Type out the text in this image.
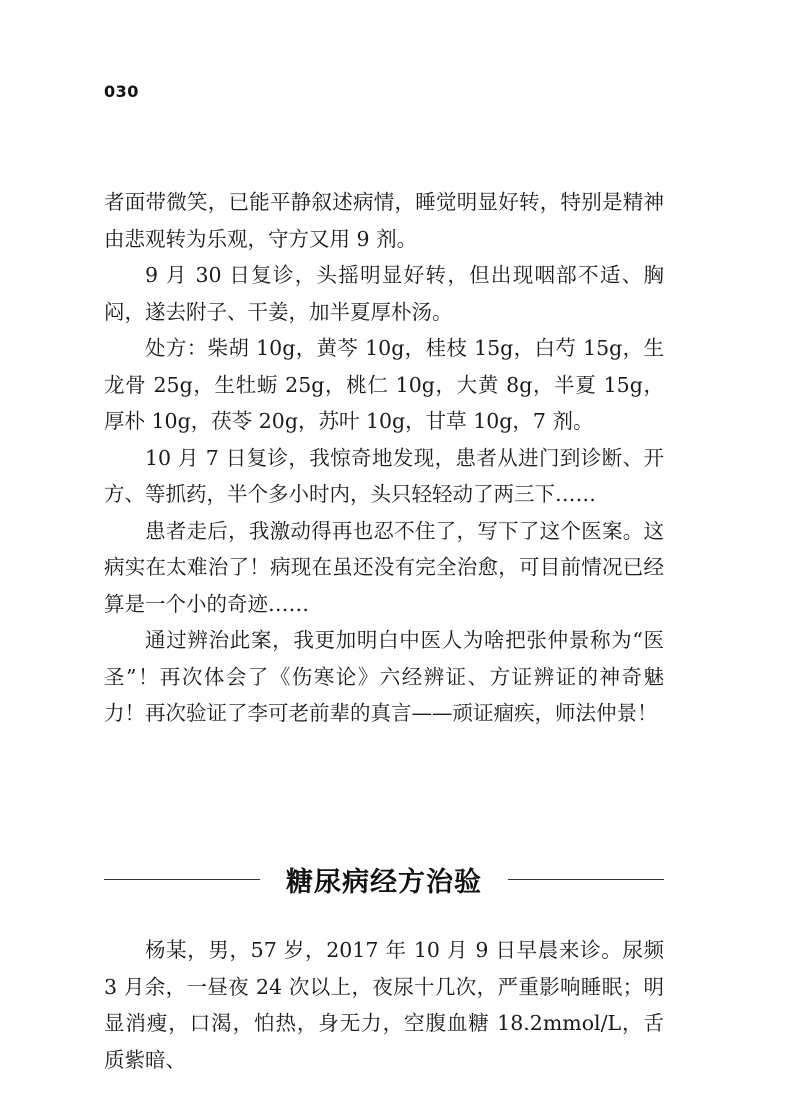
030

者面带微笑，已能平静叙述病情，睡觉明显好转，特别是精神由悲观转为乐观，守方又用 9 剂。

9 月 30 日复诊，头摇明显好转，但出现咽部不适、胸闷，遂去附子、干姜，加半夏厚朴汤。

处方：柴胡 10g，黄芩 10g，桂枝 15g，白芍 15g，生龙骨 25g，生牡蛎 25g，桃仁 10g，大黄 8g，半夏 15g，厚朴 10g，茯苓 20g，苏叶 10g，甘草 10g，7 剂。

10 月 7 日复诊，我惊奇地发现，患者从进门到诊断、开方、等抓药，半个多小时内，头只轻轻动了两三下……

患者走后，我激动得再也忍不住了，写下了这个医案。这病实在太难治了！病现在虽还没有完全治愈，可目前情况已经算是一个小的奇迹……

通过辨治此案，我更加明白中医人为啥把张仲景称为“医圣”！再次体会了《伤寒论》六经辨证、方证辨证的神奇魅力！再次验证了李可老前辈的真言——顽证痼疾，师法仲景！

糖尿病经方治验

杨某，男，57 岁，2017 年 10 月 9 日早晨来诊。尿频 3 月余，一昼夜 24 次以上，夜尿十几次，严重影响睡眠；明显消瘦，口渴，怕热，身无力，空腹血糖 18.2mmol/L，舌质紫暗、
